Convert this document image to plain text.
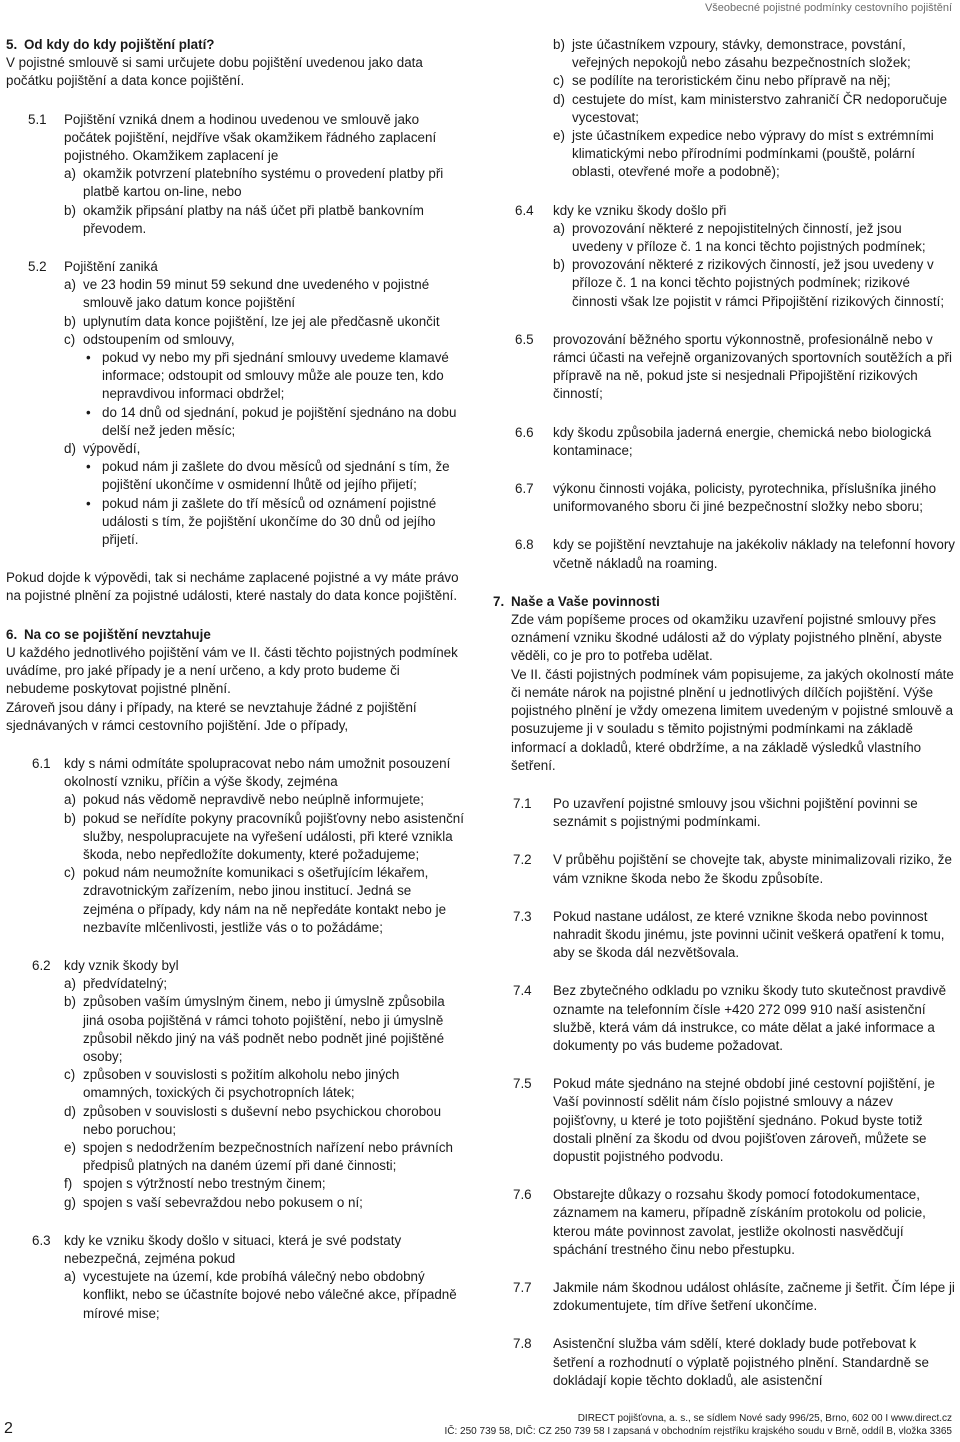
Všeobecné pojistné podmínky cestovního pojištění

5. Od kdy do kdy pojištění platí?

V pojistné smlouvě si sami určujete dobu pojištění uvedenou jako data počátku pojištění a data konce pojištění.

5.1 Pojištění vzniká dnem a hodinou uvedenou ve smlouvě jako počátek pojištění, nejdříve však okamžikem řádného zaplacení pojistného. Okamžikem zaplacení je

a) okamžik potvrzení platebního systému o provedení platby při platbě kartou on-line, nebo

b) okamžik připsání platby na náš účet při platbě bankovním převodem.

5.2 Pojištění zaniká

a) ve 23 hodin 59 minut 59 sekund dne uvedeného v pojistné smlouvě jako datum konce pojištění

b) uplynutím data konce pojištění, lze jej ale předčasně ukončit

c) odstoupením od smlouvy,

• pokud vy nebo my při sjednání smlouvy uvedeme klamavé informace; odstoupit od smlouvy může ale pouze ten, kdo nepravdivou informaci obdržel;

• do 14 dnů od sjednání, pokud je pojištění sjednáno na dobu delší než jeden měsíc;

d) výpovědí,

• pokud nám ji zašlete do dvou měsíců od sjednání s tím, že pojištění ukončíme v osmidenní lhůtě od jejího přijetí;

• pokud nám ji zašlete do tří měsíců od oznámení pojistné události s tím, že pojištění ukončíme do 30 dnů od jejího přijetí.

Pokud dojde k výpovědi, tak si necháme zaplacené pojistné a vy máte právo na pojistné plnění za pojistné události, které nastaly do data konce pojištění.

6. Na co se pojištění nevztahuje

U každého jednotlivého pojištění vám ve II. části těchto pojistných podmínek uvádíme, pro jaké případy je a není určeno, a kdy proto budeme či nebudeme poskytovat pojistné plnění.

Zároveň jsou dány i případy, na které se nevztahuje žádné z pojištění sjednávaných v rámci cestovního pojištění. Jde o případy,

6.1 kdy s námi odmítáte spolupracovat nebo nám umožnit posouzení okolností vzniku, příčin a výše škody, zejména

a) pokud nás vědomě nepravdivě nebo neúplně informujete;

b) pokud se neřídíte pokyny pracovníků pojišťovny nebo asistenční služby, nespolupracujete na vyřešení události, při které vznikla škoda, nebo nepředložíte dokumenty, které požadujeme;

c) pokud nám neumožníte komunikaci s ošetřujícím lékařem, zdravotnickým zařízením, nebo jinou institucí. Jedná se zejména o případy, kdy nám na ně nepředáte kontakt nebo je nezbavíte mlčenlivosti, jestliže vás o to požádáme;

6.2 kdy vznik škody byl

a) předvídatelný;

b) způsoben vaším úmyslným činem, nebo ji úmyslně způsobila jiná osoba pojištěná v rámci tohoto pojištění, nebo ji úmyslně způsobil někdo jiný na váš podnět nebo podnět jiné pojištěné osoby;

c) způsoben v souvislosti s požitím alkoholu nebo jiných omamných, toxických či psychotropních látek;

d) způsoben v souvislosti s duševní nebo psychickou chorobou nebo poruchou;

e) spojen s nedodržením bezpečnostních nařízení nebo právních předpisů platných na daném území při dané činnosti;

f) spojen s výtržností nebo trestným činem;

g) spojen s vaší sebevraždou nebo pokusem o ní;

6.3 kdy ke vzniku škody došlo v situaci, která je své podstaty nebezpečná, zejména pokud

a) vycestujete na území, kde probíhá válečný nebo obdobný konflikt, nebo se účastníte bojové nebo válečné akce, případně mírové mise;

b) jste účastníkem vzpoury, stávky, demonstrace, povstání, veřejných nepokojů nebo zásahu bezpečnostních složek;

c) se podílíte na teroristickém činu nebo přípravě na něj;

d) cestujete do míst, kam ministerstvo zahraničí ČR nedoporučuje vycestovat;

e) jste účastníkem expedice nebo výpravy do míst s extrémními klimatickými nebo přírodními podmínkami (pouště, polární oblasti, otevřené moře a podobně);

6.4 kdy ke vzniku škody došlo při

a) provozování některé z nepojistitelných činností, jež jsou uvedeny v příloze č. 1 na konci těchto pojistných podmínek;

b) provozování některé z rizikových činností, jež jsou uvedeny v příloze č. 1 na konci těchto pojistných podmínek; rizikové činnosti však lze pojistit v rámci Připojištění rizikových činností;

6.5 provozování běžného sportu výkonnostně, profesionálně nebo v rámci účasti na veřejně organizovaných sportovních soutěžích a při přípravě na ně, pokud jste si nesjednali Připojištění rizikových činností;

6.6 kdy škodu způsobila jaderná energie, chemická nebo biologická kontaminace;

6.7 výkonu činnosti vojáka, policisty, pyrotechnika, příslušníka jiného uniformovaného sboru či jiné bezpečnostní složky nebo sboru;

6.8 kdy se pojištění nevztahuje na jakékoliv náklady na telefonní hovory včetně nákladů na roaming.

7. Naše a Vaše povinnosti

Zde vám popíšeme proces od okamžiku uzavření pojistné smlouvy přes oznámení vzniku škodné události až do výplaty pojistného plnění, abyste věděli, co je pro to potřeba udělat.

Ve II. části pojistných podmínek vám popisujeme, za jakých okolností máte či nemáte nárok na pojistné plnění u jednotlivých dílčích pojištění. Výše pojistného plnění je vždy omezena limitem uvedeným v pojistné smlouvě a posuzujeme ji v souladu s těmito pojistnými podmínkami na základě informací a dokladů, které obdržíme, a na základě výsledků vlastního šetření.

7.1 Po uzavření pojistné smlouvy jsou všichni pojištění povinni se seznámit s pojistnými podmínkami.

7.2 V průběhu pojištění se chovejte tak, abyste minimalizovali riziko, že vám vznikne škoda nebo že škodu způsobíte.

7.3 Pokud nastane událost, ze které vznikne škoda nebo povinnost nahradit škodu jinému, jste povinni učinit veškerá opatření k tomu, aby se škoda dál nezvětšovala.

7.4 Bez zbytečného odkladu po vzniku škody tuto skutečnost pravdivě oznamte na telefonním čísle +420 272 099 910 naší asistenční službě, která vám dá instrukce, co máte dělat a jaké informace a dokumenty po vás budeme požadovat.

7.5 Pokud máte sjednáno na stejné období jiné cestovní pojištění, je Vaší povinností sdělit nám číslo pojistné smlouvy a název pojišťovny, u které je toto pojištění sjednáno. Pokud byste totiž dostali plnění za škodu od dvou pojišťoven zároveň, můžete se dopustit pojistného podvodu.

7.6 Obstarejte důkazy o rozsahu škody pomocí fotodokumentace, záznamem na kameru, případně získáním protokolu od policie, kterou máte povinnost zavolat, jestliže okolnosti nasvědčují spáchání trestného činu nebo přestupku.

7.7 Jakmile nám škodnou událost ohlásíte, začneme ji šetřit. Čím lépe ji zdokumentujete, tím dříve šetření ukončíme.

7.8 Asistenční služba vám sdělí, které doklady bude potřebovat k šetření a rozhodnutí o výplatě pojistného plnění. Standardně se dokládají kopie těchto dokladů, ale asistenční

2
DIRECT pojišťovna, a. s., se sídlem Nové sady 996/25, Brno, 602 00 I www.direct.cz
IČ: 250 739 58, DIČ: CZ 250 739 58 I zapsaná v obchodním rejstříku krajského soudu v Brně, oddíl B, vložka 3365
